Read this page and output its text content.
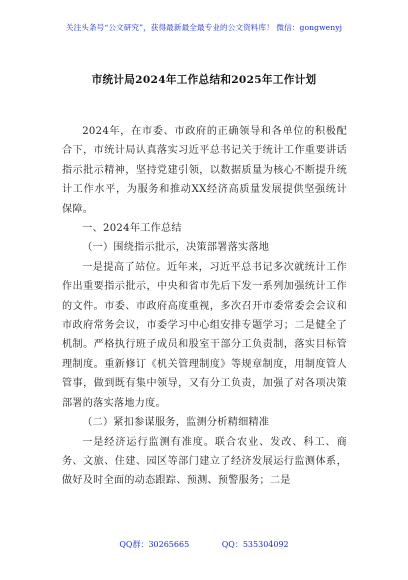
关注头条号“公文研究”，获得最新最全最专业的公文资料库！ 微信：gongwenyj
市统计局2024年工作总结和2025年工作计划

2024年，在市委、市政府的正确领导和各单位的积极配合下，市统计局认真落实习近平总书记关于统计工作重要讲话指示批示精神，坚持党建引领，以数据质量为核心不断提升统计工作水平，为服务和推动XX经济高质量发展提供坚强统计保障。

一、2024年工作总结

（一）围绕指示批示，决策部署落实落地

一是提高了站位。近年来，习近平总书记多次就统计工作作出重要指示批示，中央和省市先后下发一系列加强统计工作的文件。市委、市政府高度重视，多次召开市委常委会会议和市政府常务会议，市委学习中心组安排专题学习；二是健全了机制。严格执行班子成员和股室干部分工负责制，落实目标管理制度。重新修订《机关管理制度》等规章制度，用制度管人管事，做到既有集中领导，又有分工负责，加强了对各项决策部署的落实落地力度。

（二）紧扣参谋服务，监测分析精细精准

一是经济运行监测有准度。联合农业、发改、科工、商务、文旅、住建、园区等部门建立了经济发展运行监测体系，做好及时全面的动态跟踪、预测、预警服务；二是

QQ群：30265665	QQ：535304092
